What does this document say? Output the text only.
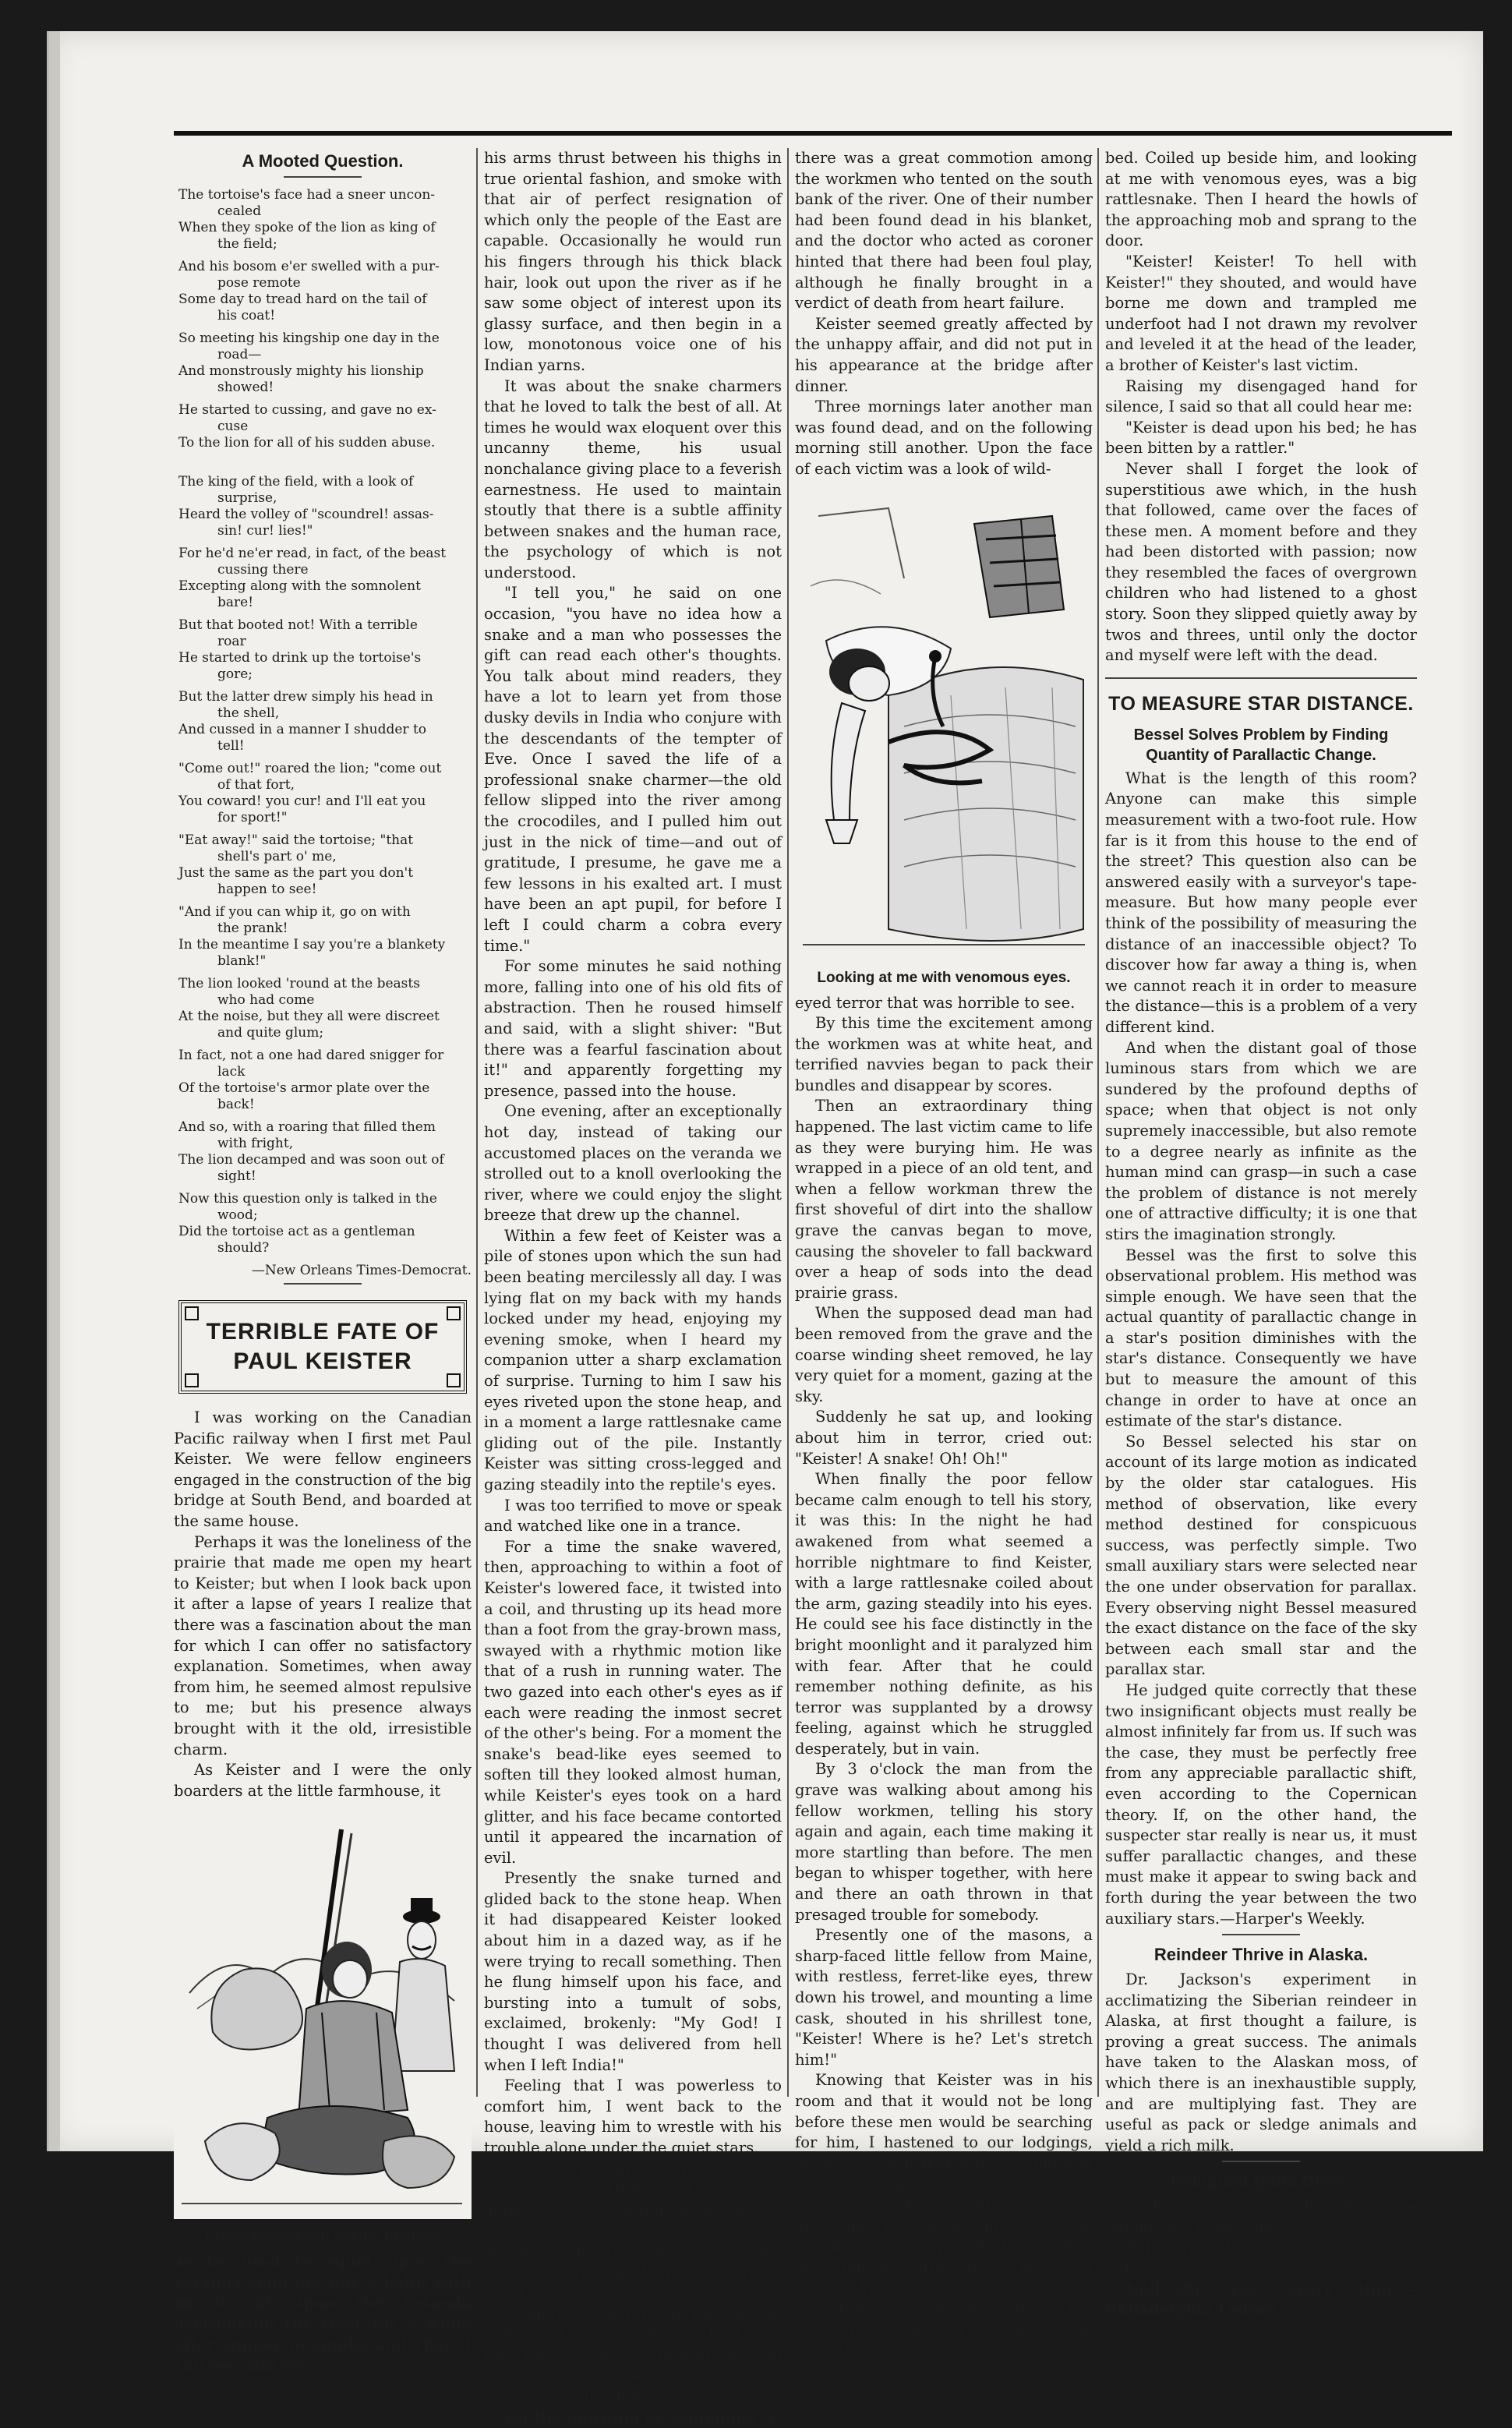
A Mooted Question.
The tortoise's face had a sneer uncon-
cealed
When they spoke of the lion as king of
the field;
And his bosom e'er swelled with a pur-
pose remote
Some day to tread hard on the tail of
his coat!
So meeting his kingship one day in the
road—
And monstrously mighty his lionship
showed!
He started to cussing, and gave no ex-
cuse
To the lion for all of his sudden abuse.

The king of the field, with a look of
surprise,
Heard the volley of "scoundrel! assas-
sin! cur! lies!"
For he'd ne'er read, in fact, of the beast
cussing there
Excepting along with the somnolent
bare!
But that booted not! With a terrible
roar
He started to drink up the tortoise's
gore;
But the latter drew simply his head in
the shell,
And cussed in a manner I shudder to
tell!
"Come out!" roared the lion; "come out
of that fort,
You coward! you cur! and I'll eat you
for sport!"
"Eat away!" said the tortoise; "that
shell's part o' me,
Just the same as the part you don't
happen to see!
"And if you can whip it, go on with
the prank!
In the meantime I say you're a blankety
blank!"
The lion looked 'round at the beasts
who had come
At the noise, but they all were discreet
and quite glum;
In fact, not a one had dared snigger for
lack
Of the tortoise's armor plate over the
back!
And so, with a roaring that filled them
with fright,
The lion decamped and was soon out of
sight!
Now this question only is talked in the
wood;
Did the tortoise act as a gentleman
should?
—New Orleans Times-Democrat.
TERRIBLE FATE OF
PAUL KEISTER

I was working on the Canadian Pacific railway when I first met Paul Keister. We were fellow engineers engaged in the construction of the big bridge at South Bend, and boarded at the same house.

Perhaps it was the loneliness of the prairie that made me open my heart to Keister; but when I look back upon it after a lapse of years I realize that there was a fascination about the man for which I can offer no satisfactory explanation. Sometimes, when away from him, he seemed almost repulsive to me; but his presence always brought with it the old, irresistible charm.

As Keister and I were the only boarders at the little farmhouse, it

Cross-legged and gazing intently.

as he used to squat upon the veranda soon became a habit with us to sit upon the veranda overlooking the river for a while after supper to smoke and chat. I can see him yet

his arms thrust between his thighs in true oriental fashion, and smoke with that air of perfect resignation of which only the people of the East are capable. Occasionally he would run his fingers through his thick black hair, look out upon the river as if he saw some object of interest upon its glassy surface, and then begin in a low, monotonous voice one of his Indian yarns.

It was about the snake charmers that he loved to talk the best of all. At times he would wax eloquent over this uncanny theme, his usual nonchalance giving place to a feverish earnestness. He used to maintain stoutly that there is a subtle affinity between snakes and the human race, the psychology of which is not understood.

"I tell you," he said on one occasion, "you have no idea how a snake and a man who possesses the gift can read each other's thoughts. You talk about mind readers, they have a lot to learn yet from those dusky devils in India who conjure with the descendants of the tempter of Eve. Once I saved the life of a professional snake charmer—the old fellow slipped into the river among the crocodiles, and I pulled him out just in the nick of time—and out of gratitude, I presume, he gave me a few lessons in his exalted art. I must have been an apt pupil, for before I left I could charm a cobra every time."

For some minutes he said nothing more, falling into one of his old fits of abstraction. Then he roused himself and said, with a slight shiver: "But there was a fearful fascination about it!" and apparently forgetting my presence, passed into the house.

One evening, after an exceptionally hot day, instead of taking our accustomed places on the veranda we strolled out to a knoll overlooking the river, where we could enjoy the slight breeze that drew up the channel.

Within a few feet of Keister was a pile of stones upon which the sun had been beating mercilessly all day. I was lying flat on my back with my hands locked under my head, enjoying my evening smoke, when I heard my companion utter a sharp exclamation of surprise. Turning to him I saw his eyes riveted upon the stone heap, and in a moment a large rattlesnake came gliding out of the pile. Instantly Keister was sitting cross-legged and gazing steadily into the reptile's eyes.

I was too terrified to move or speak and watched like one in a trance.

For a time the snake wavered, then, approaching to within a foot of Keister's lowered face, it twisted into a coil, and thrusting up its head more than a foot from the gray-brown mass, swayed with a rhythmic motion like that of a rush in running water. The two gazed into each other's eyes as if each were reading the inmost secret of the other's being. For a moment the snake's bead-like eyes seemed to soften till they looked almost human, while Keister's eyes took on a hard glitter, and his face became contorted until it appeared the incarnation of evil.

Presently the snake turned and glided back to the stone heap. When it had disappeared Keister looked about him in a dazed way, as if he were trying to recall something. Then he flung himself upon his face, and bursting into a tumult of sobs, exclaimed, brokenly: "My God! I thought I was delivered from hell when I left India!"

Feeling that I was powerless to comfort him, I went back to the house, leaving him to wrestle with his trouble alone under the quiet stars.

The next morning he did not come down to breakfast, and when he appeared at the bridge he seemed to have aged years. His face was drawn and white, and there was dark circles under his eyes that told of a sleepless night.

From that time forward Keister was a changed man—so changed that even the dullest navvy noticed it and followed his listless motions with many a curious glance.

On the morning of September 4,

there was a great commotion among the workmen who tented on the south bank of the river. One of their number had been found dead in his blanket, and the doctor who acted as coroner hinted that there had been foul play, although he finally brought in a verdict of death from heart failure.

Keister seemed greatly affected by the unhappy affair, and did not put in his appearance at the bridge after dinner.

Three mornings later another man was found dead, and on the following morning still another. Upon the face of each victim was a look of wild-

Looking at me with venomous eyes.

eyed terror that was horrible to see.

By this time the excitement among the workmen was at white heat, and terrified navvies began to pack their bundles and disappear by scores.

Then an extraordinary thing happened. The last victim came to life as they were burying him. He was wrapped in a piece of an old tent, and when a fellow workman threw the first shoveful of dirt into the shallow grave the canvas began to move, causing the shoveler to fall backward over a heap of sods into the dead prairie grass.

When the supposed dead man had been removed from the grave and the coarse winding sheet removed, he lay very quiet for a moment, gazing at the sky.

Suddenly he sat up, and looking about him in terror, cried out: "Keister! A snake! Oh! Oh!"

When finally the poor fellow became calm enough to tell his story, it was this: In the night he had awakened from what seemed a horrible nightmare to find Keister, with a large rattlesnake coiled about the arm, gazing steadily into his eyes. He could see his face distinctly in the bright moonlight and it paralyzed him with fear. After that he could remember nothing definite, as his terror was supplanted by a drowsy feeling, against which he struggled desperately, but in vain.

By 3 o'clock the man from the grave was walking about among his fellow workmen, telling his story again and again, each time making it more startling than before. The men began to whisper together, with here and there an oath thrown in that presaged trouble for somebody.

Presently one of the masons, a sharp-faced little fellow from Maine, with restless, ferret-like eyes, threw down his trowel, and mounting a lime cask, shouted in his shrillest tone, "Keister! Where is he? Let's stretch him!"

Knowing that Keister was in his room and that it would not be long before these men would be searching for him, I hastened to our lodgings, feeling assured that if they found him he was a doomed man.

The door of his room was locked, and when he did not answer to my knock, I broke it open. As I stepped in an ominous rattle made me start back. When my eyes became accustomed to the twilight of the place I saw Keister's lifeless form upon the

bed. Coiled up beside him, and looking at me with venomous eyes, was a big rattlesnake. Then I heard the howls of the approaching mob and sprang to the door.

"Keister! Keister! To hell with Keister!" they shouted, and would have borne me down and trampled me underfoot had I not drawn my revolver and leveled it at the head of the leader, a brother of Keister's last victim.

Raising my disengaged hand for silence, I said so that all could hear me:

"Keister is dead upon his bed; he has been bitten by a rattler."

Never shall I forget the look of superstitious awe which, in the hush that followed, came over the faces of these men. A moment before and they had been distorted with passion; now they resembled the faces of overgrown children who had listened to a ghost story. Soon they slipped quietly away by twos and threes, until only the doctor and myself were left with the dead.

TO MEASURE STAR DISTANCE.
Bessel Solves Problem by Finding Quantity of Parallactic Change.

What is the length of this room? Anyone can make this simple measurement with a two-foot rule. How far is it from this house to the end of the street? This question also can be answered easily with a surveyor's tape-measure. But how many people ever think of the possibility of measuring the distance of an inaccessible object? To discover how far away a thing is, when we cannot reach it in order to measure the distance—this is a problem of a very different kind.

And when the distant goal of those luminous stars from which we are sundered by the profound depths of space; when that object is not only supremely inaccessible, but also remote to a degree nearly as infinite as the human mind can grasp—in such a case the problem of distance is not merely one of attractive difficulty; it is one that stirs the imagination strongly.

Bessel was the first to solve this observational problem. His method was simple enough. We have seen that the actual quantity of parallactic change in a star's position diminishes with the star's distance. Consequently we have but to measure the amount of this change in order to have at once an estimate of the star's distance.

So Bessel selected his star on account of its large motion as indicated by the older star catalogues. His method of observation, like every method destined for conspicuous success, was perfectly simple. Two small auxiliary stars were selected near the one under observation for parallax. Every observing night Bessel measured the exact distance on the face of the sky between each small star and the parallax star.

He judged quite correctly that these two insignificant objects must really be almost infinitely far from us. If such was the case, they must be perfectly free from any appreciable parallactic shift, even according to the Copernican theory. If, on the other hand, the suspecter star really is near us, it must suffer parallactic changes, and these must make it appear to swing back and forth during the year between the two auxiliary stars.—Harper's Weekly.

Reindeer Thrive in Alaska.

Dr. Jackson's experiment in acclimatizing the Siberian reindeer in Alaska, at first thought a failure, is proving a great success. The animals have taken to the Alaskan moss, of which there is an inexhaustible supply, and are multiplying fast. They are useful as pack or sledge animals and yield a rich milk.

Indignant Quite Often.

Nell—Yes, he actually had the impudence to kiss me."

Belle—The idea! Of course you were indignant?

Nell—Oh, yes, every time.—Philadelphia Ledger.
